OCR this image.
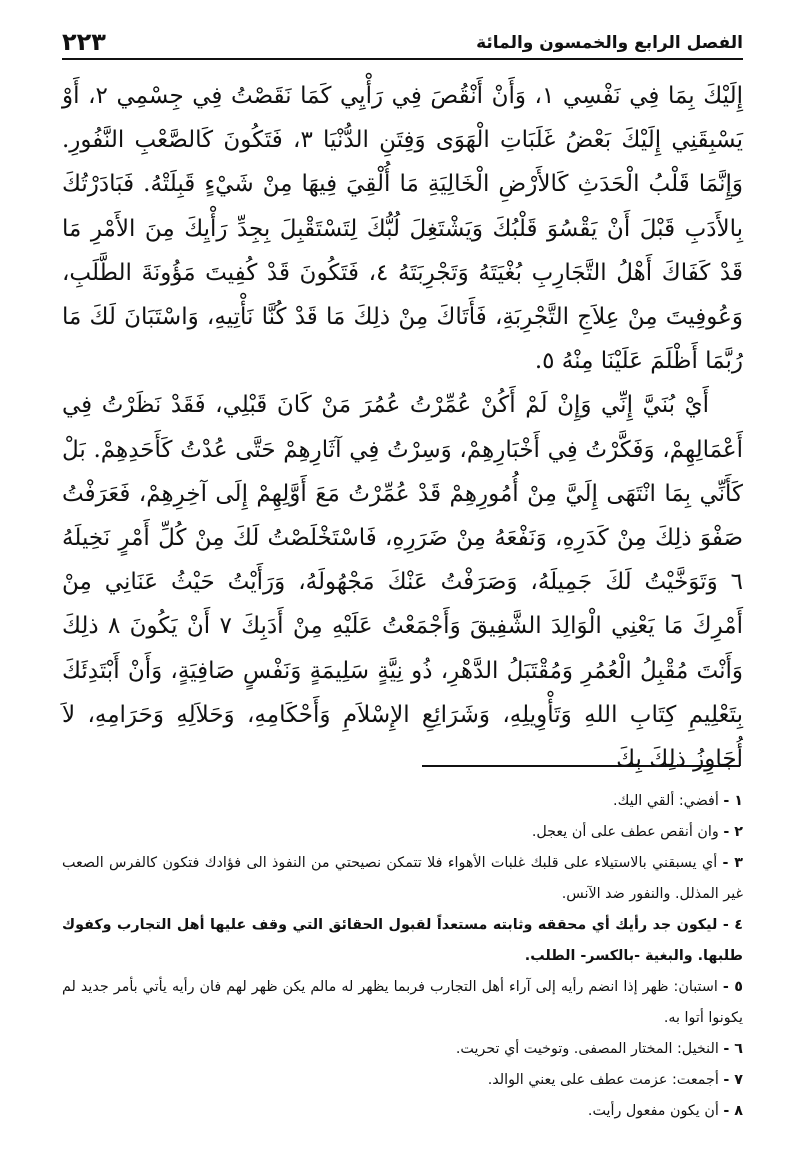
الفصل الرابع والخمسون والمائة
٢٢٣

إِلَيْكَ بِمَا فِي نَفْسِي ١، وَأَنْ أَنْقُصَ فِي رَأْيِي كَمَا نَقَصْتُ فِي جِسْمِي ٢، أَوْ يَسْبِقَنِي إِلَيْكَ بَعْضُ غَلَبَاتِ الْهَوَى وَفِتَنِ الدُّنْيَا ٣، فَتَكُونَ كَالصَّعْبِ النَّفُورِ. وَإِنَّمَا قَلْبُ الْحَدَثِ كَالأَرْضِ الْخَالِيَةِ مَا أُلْقِيَ فِيهَا مِنْ شَيْءٍ قَبِلَتْهُ. فَبَادَرْتُكَ بِالأَدَبِ قَبْلَ أَنْ يَقْسُوَ قَلْبُكَ وَيَشْتَغِلَ لُبُّكَ لِتَسْتَقْبِلَ بِجِدِّ رَأْيِكَ مِنَ الأَمْرِ مَا قَدْ كَفَاكَ أَهْلُ التَّجَارِبِ بُغْيَتَهُ وَتَجْرِبَتَهُ ٤، فَتَكُونَ قَدْ كُفِيتَ مَؤُونَةَ الطَّلَبِ، وَعُوفِيتَ مِنْ عِلاَجِ التَّجْرِبَةِ، فَأَتَاكَ مِنْ ذلِكَ مَا قَدْ كُنَّا نَأْتِيهِ، وَاسْتَبَانَ لَكَ مَا رُبَّمَا أَظْلَمَ عَلَيْنَا مِنْهُ ٥.

أَيْ بُنَيَّ إِنِّي وَإِنْ لَمْ أَكُنْ عُمِّرْتُ عُمُرَ مَنْ كَانَ قَبْلِي، فَقَدْ نَظَرْتُ فِي أَعْمَالِهِمْ، وَفَكَّرْتُ فِي أَخْبَارِهِمْ، وَسِرْتُ فِي آثَارِهِمْ حَتَّى عُدْتُ كَأَحَدِهِمْ. بَلْ كَأَنِّي بِمَا انْتَهَى إِلَيَّ مِنْ أُمُورِهِمْ قَدْ عُمِّرْتُ مَعَ أَوَّلِهِمْ إِلَى آخِرِهِمْ، فَعَرَفْتُ صَفْوَ ذلِكَ مِنْ كَدَرِهِ، وَنَفْعَهُ مِنْ ضَرَرِهِ، فَاسْتَخْلَصْتُ لَكَ مِنْ كُلِّ أَمْرٍ نَخِيلَهُ ٦ وَتَوَخَّيْتُ لَكَ جَمِيلَهُ، وَصَرَفْتُ عَنْكَ مَجْهُولَهُ، وَرَأَيْتُ حَيْثُ عَنَانِي مِنْ أَمْرِكَ مَا يَعْنِي الْوَالِدَ الشَّفِيقَ وَأَجْمَعْتُ عَلَيْهِ مِنْ أَدَبِكَ ٧ أَنْ يَكُونَ ٨ ذلِكَ وَأَنْتَ مُقْبِلُ الْعُمُرِ وَمُقْتَبَلُ الدَّهْرِ، ذُو نِيَّةٍ سَلِيمَةٍ وَنَفْسٍ صَافِيَةٍ، وَأَنْ أَبْتَدِئَكَ بِتَعْلِيمِ كِتَابِ اللهِ وَتَأْوِيلِهِ، وَشَرَائِعِ الإِسْلاَمِ وَأَحْكَامِهِ، وَحَلاَلِهِ وَحَرَامِهِ، لاَ أُجَاوِزُ ذلِكَ بِكَ

١ - أفضي: ألقي اليك.

٢ - وان أنقص عطف على أن يعجل.

٣ - أي يسبقني بالاستيلاء على قلبك غلبات الأهواء فلا تتمكن نصيحتي من النفوذ الى فؤادك فتكون كالفرس الصعب غير المذلل. والنفور ضد الآنس.

٤ - ليكون جد رأيك أي محققه وثابته مستعداً لقبول الحقائق التي وقف عليها أهل التجارب وكفوك طلبها. والبغية -بالكسر- الطلب.

٥ - استبان: ظهر إذا انضم رأيه إلى آراء أهل التجارب فربما يظهر له مالم يكن ظهر لهم فان رأيه يأتي بأمر جديد لم يكونوا أتوا به.

٦ - النخيل: المختار المصفى. وتوخيت أي تحريت.

٧ - أجمعت: عزمت عطف على يعني الوالد.

٨ - أن يكون مفعول رأيت.
